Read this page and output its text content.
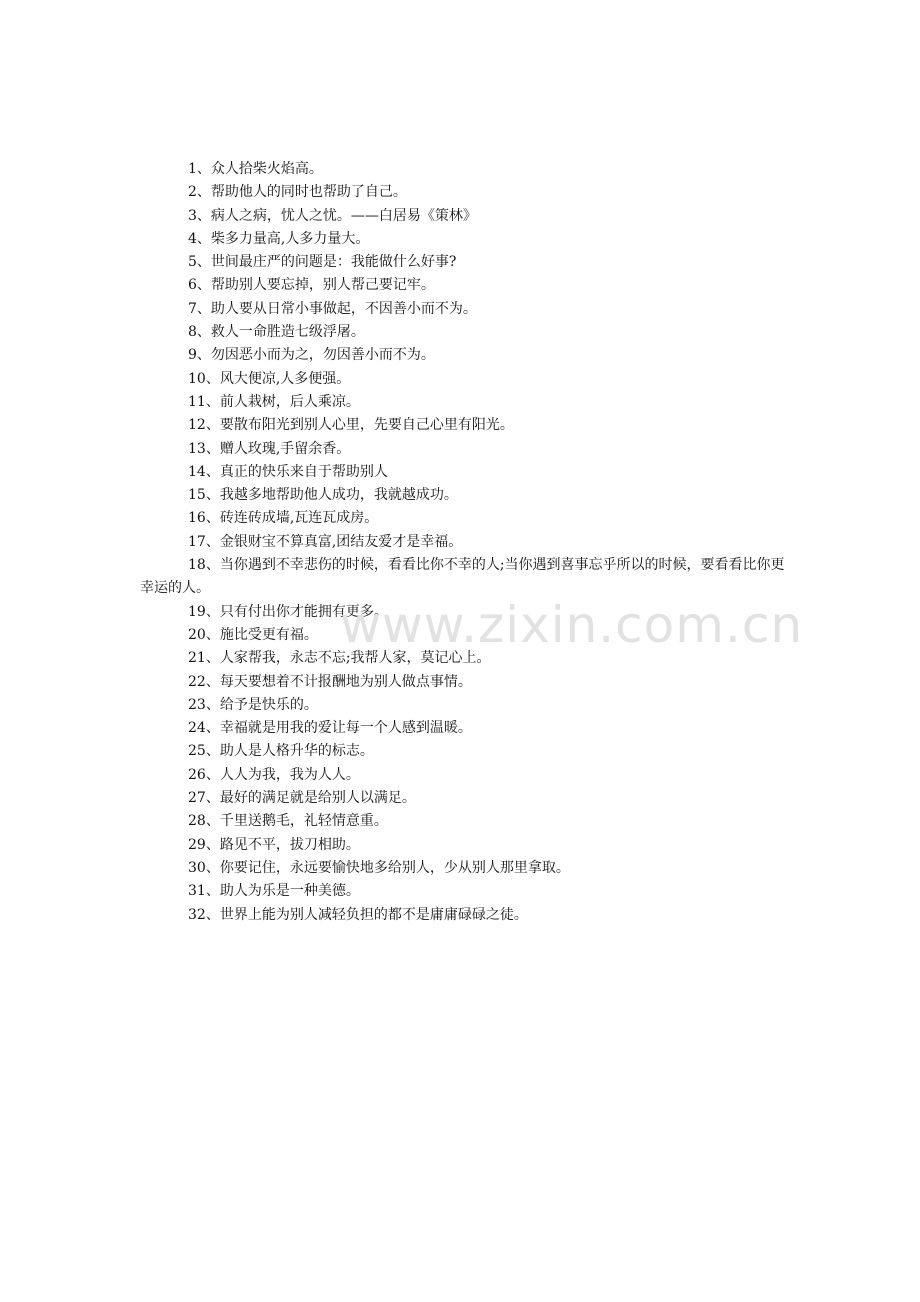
1、众人拾柴火焰高。

2、帮助他人的同时也帮助了自己。

3、病人之病，忧人之忧。——白居易《策林》

4、柴多力量高,人多力量大。

5、世间最庄严的问题是：我能做什么好事?

6、帮助别人要忘掉，别人帮己要记牢。

7、助人要从日常小事做起，不因善小而不为。

8、救人一命胜造七级浮屠。

9、勿因恶小而为之，勿因善小而不为。

10、风大便凉,人多便强。

11、前人栽树，后人乘凉。

12、要散布阳光到别人心里，先要自己心里有阳光。

13、赠人玫瑰,手留余香。

14、真正的快乐来自于帮助别人

15、我越多地帮助他人成功，我就越成功。

16、砖连砖成墙,瓦连瓦成房。

17、金银财宝不算真富,团结友爱才是幸福。

18、当你遇到不幸悲伤的时候，看看比你不幸的人;当你遇到喜事忘乎所以的时候，要看看比你更幸运的人。

19、只有付出你才能拥有更多。

20、施比受更有福。

21、人家帮我，永志不忘;我帮人家，莫记心上。

22、每天要想着不计报酬地为别人做点事情。

23、给予是快乐的。

24、幸福就是用我的爱让每一个人感到温暖。

25、助人是人格升华的标志。

26、人人为我，我为人人。

27、最好的满足就是给别人以满足。

28、千里送鹅毛，礼轻情意重。

29、路见不平，拔刀相助。

30、你要记住，永远要愉快地多给别人，少从别人那里拿取。

31、助人为乐是一种美德。

32、世界上能为别人减轻负担的都不是庸庸碌碌之徒。

www.zixin.com.cn
